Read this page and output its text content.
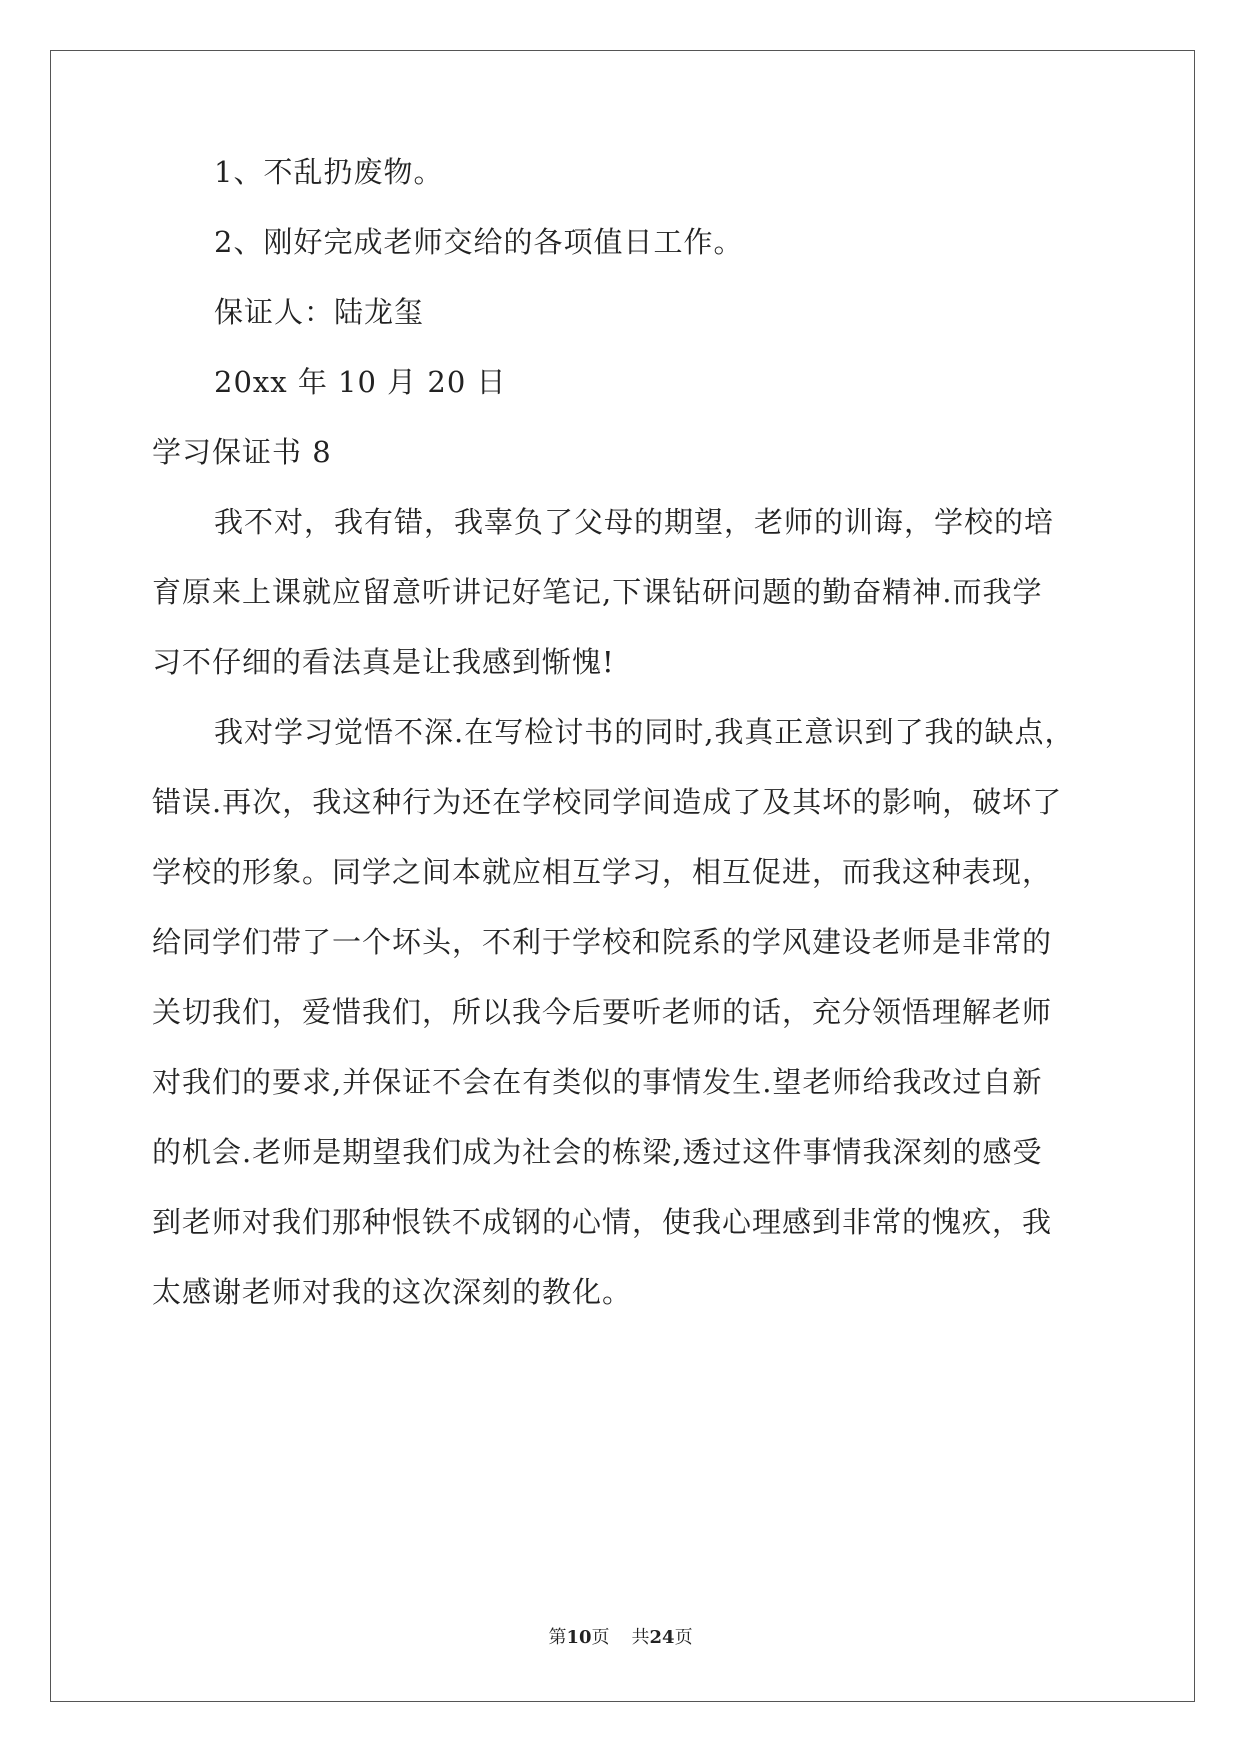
1、不乱扔废物。
2、刚好完成老师交给的各项值日工作。
保证人：陆龙玺
20xx 年 10 月 20 日
学习保证书 8
我不对，我有错，我辜负了父母的期望，老师的训诲，学校的培
育原来上课就应留意听讲记好笔记,下课钻研问题的勤奋精神.而我学
习不仔细的看法真是让我感到惭愧!
我对学习觉悟不深.在写检讨书的同时,我真正意识到了我的缺点，
错误.再次，我这种行为还在学校同学间造成了及其坏的影响，破坏了
学校的形象。同学之间本就应相互学习，相互促进，而我这种表现，
给同学们带了一个坏头，不利于学校和院系的学风建设老师是非常的
关切我们，爱惜我们，所以我今后要听老师的话，充分领悟理解老师
对我们的要求,并保证不会在有类似的事情发生.望老师给我改过自新
的机会.老师是期望我们成为社会的栋梁,透过这件事情我深刻的感受
到老师对我们那种恨铁不成钢的心情，使我心理感到非常的愧疚，我
太感谢老师对我的这次深刻的教化。
第10页 共24页
